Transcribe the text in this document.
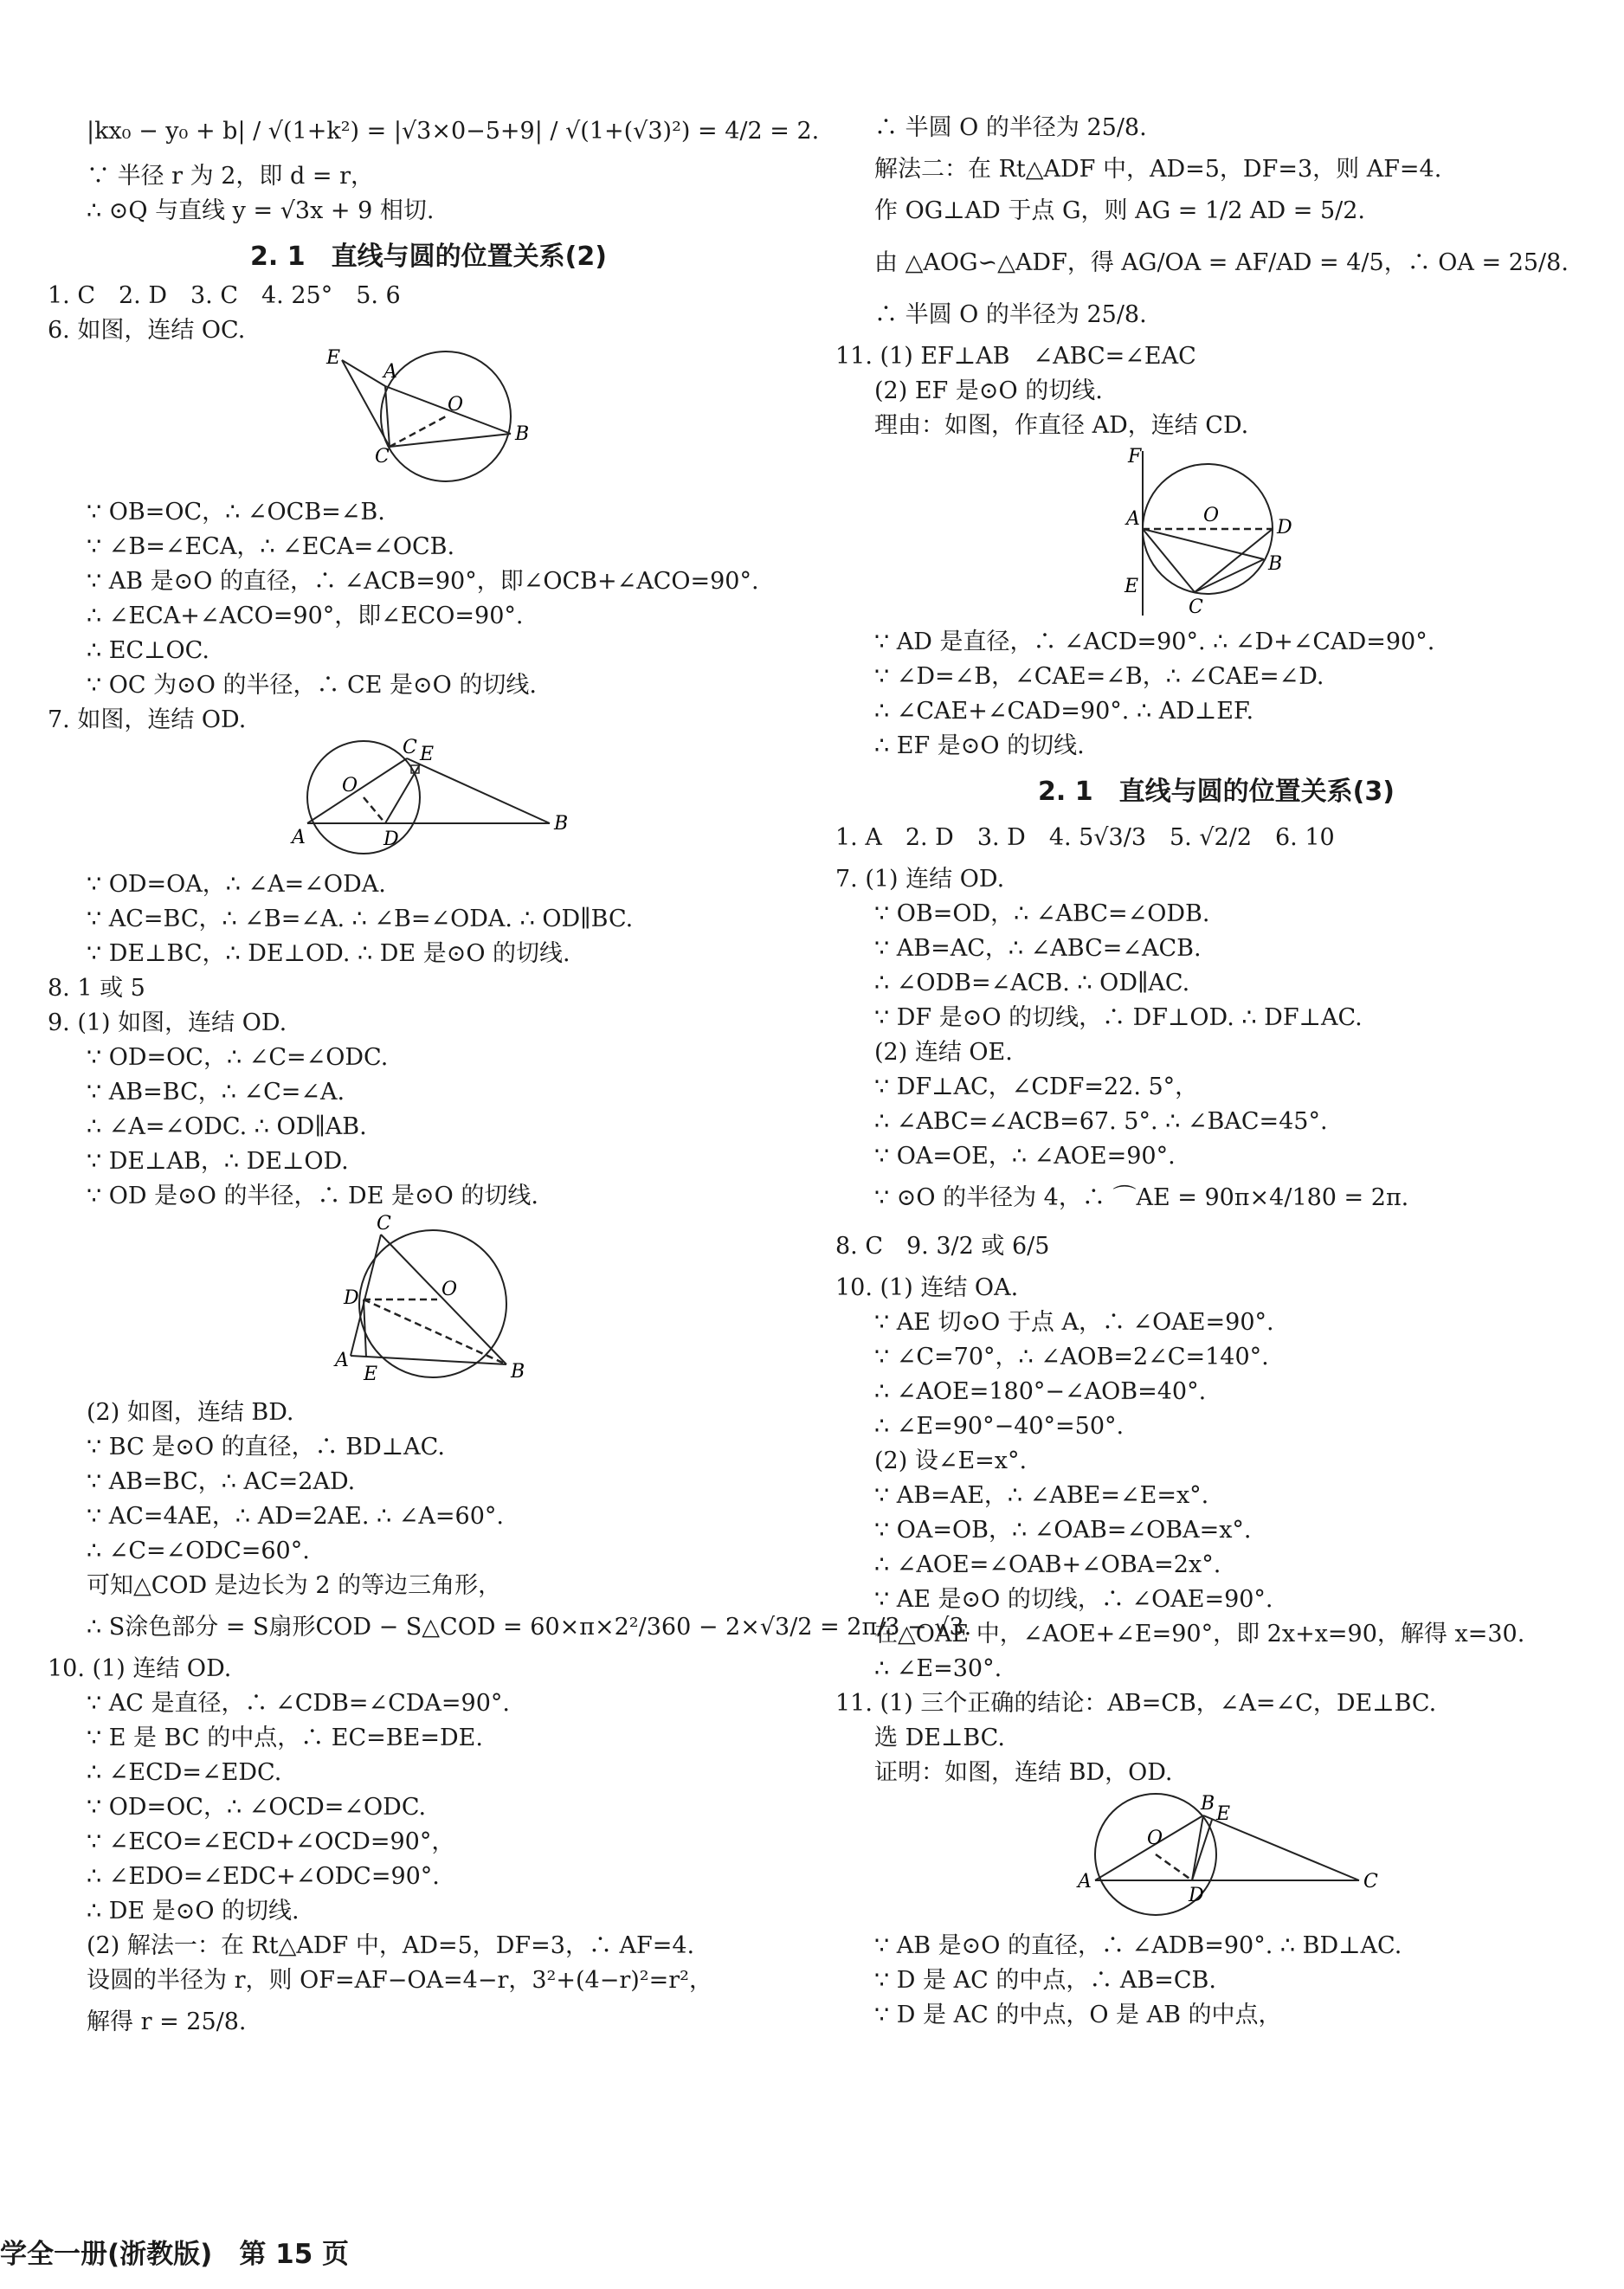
|kx₀ − y₀ + b| / √(1+k²) = |√3×0−5+9| / √(1+(√3)²) = 4/2 = 2.
∵ 半径 r 为 2，即 d = r，
∴ ⊙Q 与直线 y = √3x + 9 相切.
2. 1　直线与圆的位置关系(2)
1. C　2. D　3. C　4. 25°　5. 6
6. 如图，连结 OC.
E
A
O
C
B
∵ OB=OC，∴ ∠OCB=∠B.
∵ ∠B=∠ECA，∴ ∠ECA=∠OCB.
∵ AB 是⊙O 的直径，∴ ∠ACB=90°，即∠OCB+∠ACO=90°.
∴ ∠ECA+∠ACO=90°，即∠ECO=90°.
∴ EC⊥OC.
∵ OC 为⊙O 的半径，∴ CE 是⊙O 的切线.
7. 如图，连结 OD.
O
C E
A	D
B
∵ OD=OA，∴ ∠A=∠ODA.
∵ AC=BC，∴ ∠B=∠A. ∴ ∠B=∠ODA. ∴ OD∥BC.
∵ DE⊥BC，∴ DE⊥OD. ∴ DE 是⊙O 的切线.
8. 1 或 5
9. (1) 如图，连结 OD.
∵ OD=OC，∴ ∠C=∠ODC.
∵ AB=BC，∴ ∠C=∠A.
∴ ∠A=∠ODC. ∴ OD∥AB.
∵ DE⊥AB，∴ DE⊥OD.
∵ OD 是⊙O 的半径，∴ DE 是⊙O 的切线.
C
D	O
A
E	B
(2) 如图，连结 BD.
∵ BC 是⊙O 的直径，∴ BD⊥AC.
∵ AB=BC，∴ AC=2AD.
∵ AC=4AE，∴ AD=2AE. ∴ ∠A=60°.
∴ ∠C=∠ODC=60°.
可知△COD 是边长为 2 的等边三角形，
∴ S涂色部分 = S扇形COD − S△COD = 60×π×2²/360 − 2×√3/2 = 2π/3 − √3.
10. (1) 连结 OD.
∵ AC 是直径，∴ ∠CDB=∠CDA=90°.
∵ E 是 BC 的中点，∴ EC=BE=DE.
∴ ∠ECD=∠EDC.
∵ OD=OC，∴ ∠OCD=∠ODC.
∵ ∠ECO=∠ECD+∠OCD=90°，
∴ ∠EDO=∠EDC+∠ODC=90°.
∴ DE 是⊙O 的切线.
(2) 解法一：在 Rt△ADF 中，AD=5，DF=3，∴ AF=4.
设圆的半径为 r，则 OF=AF−OA=4−r，3²+(4−r)²=r²，
解得 r = 25/8.
∴ 半圆 O 的半径为 25/8.
解法二：在 Rt△ADF 中，AD=5，DF=3，则 AF=4.
作 OG⊥AD 于点 G，则 AG = 1/2 AD = 5/2.
由 △AOG∽△ADF，得 AG/OA = AF/AD = 4/5，∴ OA = 25/8.
∴ 半圆 O 的半径为 25/8.
11. (1) EF⊥AB　∠ABC=∠EAC
(2) EF 是⊙O 的切线.
理由：如图，作直径 AD，连结 CD.
F
A	O
D
B
E
C
∵ AD 是直径，∴ ∠ACD=90°. ∴ ∠D+∠CAD=90°.
∵ ∠D=∠B，∠CAE=∠B，∴ ∠CAE=∠D.
∴ ∠CAE+∠CAD=90°. ∴ AD⊥EF.
∴ EF 是⊙O 的切线.
2. 1　直线与圆的位置关系(3)
1. A　2. D　3. D　4. 5√3/3　5. √2/2　6. 10
7. (1) 连结 OD.
∵ OB=OD，∴ ∠ABC=∠ODB.
∵ AB=AC，∴ ∠ABC=∠ACB.
∴ ∠ODB=∠ACB. ∴ OD∥AC.
∵ DF 是⊙O 的切线，∴ DF⊥OD. ∴ DF⊥AC.
(2) 连结 OE.
∵ DF⊥AC，∠CDF=22. 5°，
∴ ∠ABC=∠ACB=67. 5°. ∴ ∠BAC=45°.
∵ OA=OE，∴ ∠AOE=90°.
∵ ⊙O 的半径为 4，∴ ⌒AE = 90π×4/180 = 2π.
8. C　9. 3/2 或 6/5
10. (1) 连结 OA.
∵ AE 切⊙O 于点 A，∴ ∠OAE=90°.
∵ ∠C=70°，∴ ∠AOB=2∠C=140°.
∴ ∠AOE=180°−∠AOB=40°.
∴ ∠E=90°−40°=50°.
(2) 设∠E=x°.
∵ AB=AE，∴ ∠ABE=∠E=x°.
∵ OA=OB，∴ ∠OAB=∠OBA=x°.
∴ ∠AOE=∠OAB+∠OBA=2x°.
∵ AE 是⊙O 的切线，∴ ∠OAE=90°.
在△OAE 中，∠AOE+∠E=90°，即 2x+x=90，解得 x=30.
∴ ∠E=30°.
11. (1) 三个正确的结论：AB=CB，∠A=∠C，DE⊥BC.
选 DE⊥BC.
证明：如图，连结 BD，OD.
B E
O
A
D
C
∵ AB 是⊙O 的直径，∴ ∠ADB=90°. ∴ BD⊥AC.
∵ D 是 AC 的中点，∴ AB=CB.
∵ D 是 AC 的中点，O 是 AB 的中点，
学全一册(浙教版)　第 15 页
